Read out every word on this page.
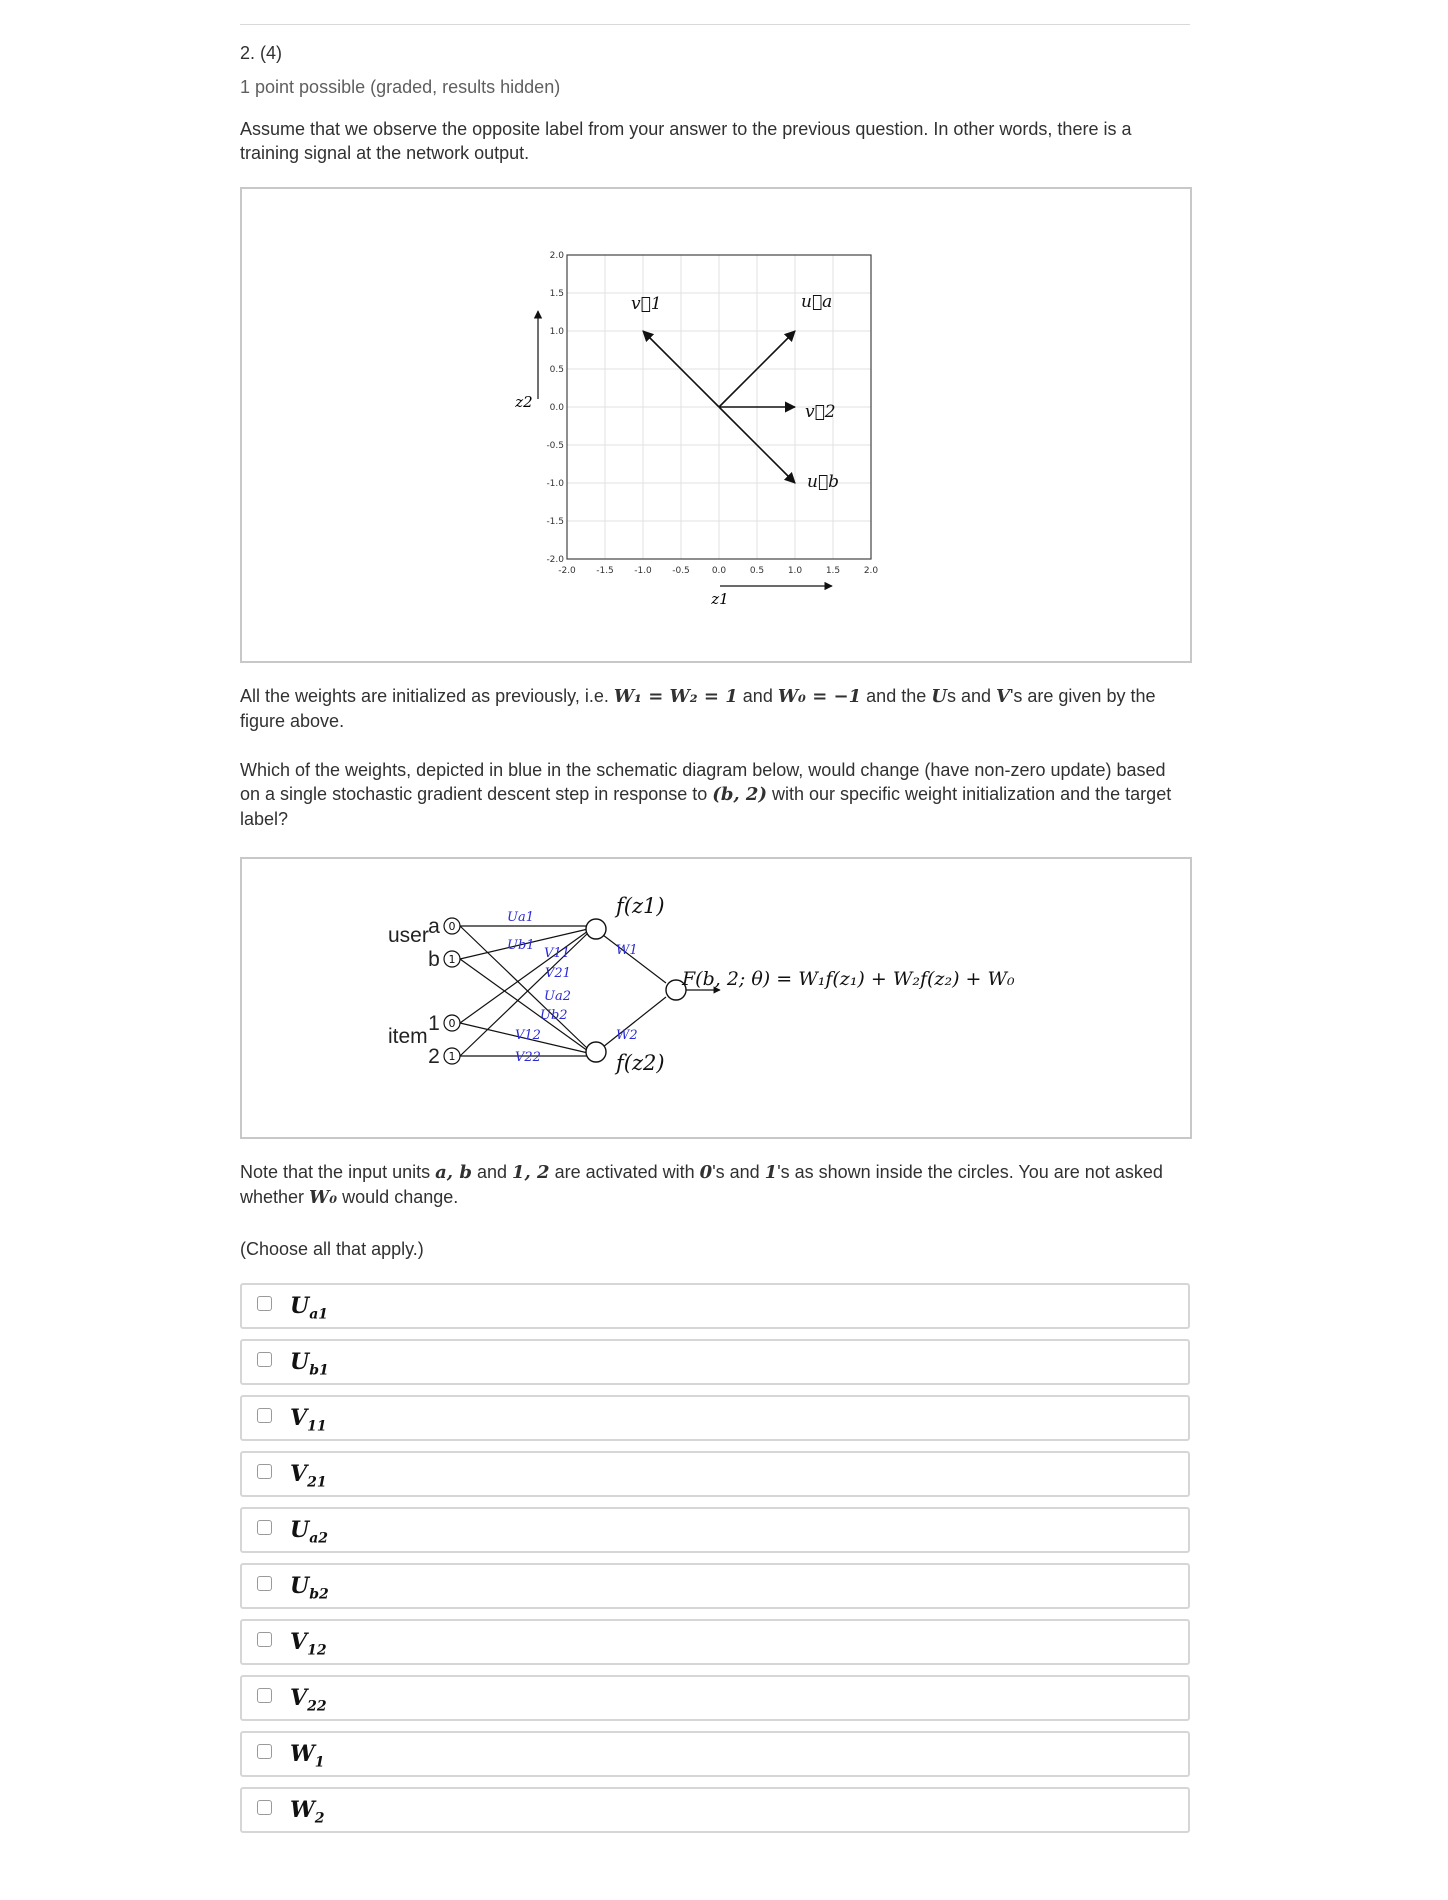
2. (4)
1 point possible (graded, results hidden)
Assume that we observe the opposite label from your answer to the previous question. In other words, there is a training signal at the network output.
-2.0 -1.5 -1.0 -0.5 0.0	0.5	1.0	1.5	2.0
2.0
1.5
1.0
0.5
0.0
-0.5
-1.0
-1.5
-2.0
v⃗1	u⃗a
v⃗2
u⃗b
z1
z2
All the weights are initialized as previously, i.e. W₁ = W₂ = 1 and W₀ = −1 and the Us and V's are given by the figure above.
Which of the weights, depicted in blue in the schematic diagram below, would change (have non-zero update) based on a single stochastic gradient descent step in response to (b, 2) with our specific weight initialization and the target label?
user
item
a
b
1
2
0
1
0
1
Ua1
Ub1
V11
V21
Ua2
Ub2
V12
V22
W1
W2
f(z1)
f(z2)
F(b, 2; θ) = W₁f(z₁) + W₂f(z₂) + W₀
Note that the input units a, b and 1, 2 are activated with 0's and 1's as shown inside the circles. You are not asked whether W₀ would change.
(Choose all that apply.)
$U_{a1}$
$U_{b1}$
$V_{11}$
$V_{21}$
$U_{a2}$
$U_{b2}$
$V_{12}$
$V_{22}$
$W_1$
$W_2$
